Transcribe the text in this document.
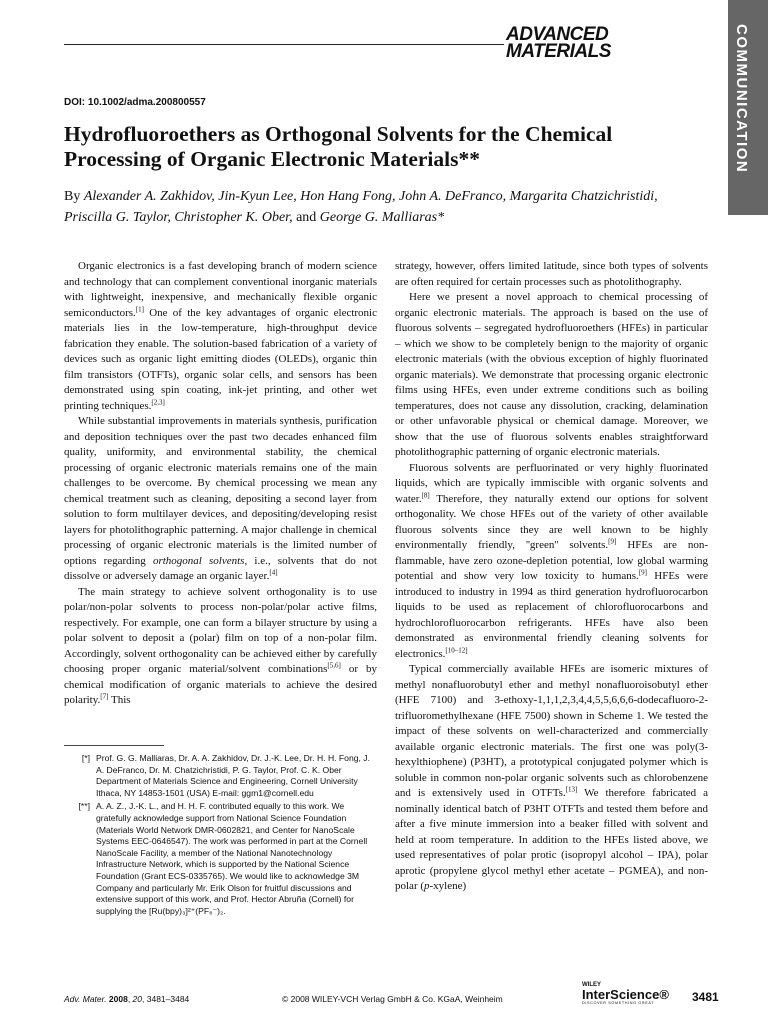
ADVANCED
MATERIALS	COMMUNICATION
DOI: 10.1002/adma.200800557
Hydrofluoroethers as Orthogonal Solvents for the Chemical Processing of Organic Electronic Materials**
By Alexander A. Zakhidov, Jin-Kyun Lee, Hon Hang Fong, John A. DeFranco, Margarita Chatzichristidi, Priscilla G. Taylor, Christopher K. Ober, and George G. Malliaras*

Organic electronics is a fast developing branch of modern science and technology that can complement conventional inorganic materials with lightweight, inexpensive, and mechanically flexible organic semiconductors.[1] One of the key advantages of organic electronic materials lies in the low-temperature, high-throughput device fabrication they enable. The solution-based fabrication of a variety of devices such as organic light emitting diodes (OLEDs), organic thin film transistors (OTFTs), organic solar cells, and sensors has been demonstrated using spin coating, ink-jet printing, and other wet printing techniques.[2,3]

While substantial improvements in materials synthesis, purification and deposition techniques over the past two decades enhanced film quality, uniformity, and environmental stability, the chemical processing of organic electronic materials remains one of the main challenges to be overcome. By chemical processing we mean any chemical treatment such as cleaning, depositing a second layer from solution to form multilayer devices, and depositing/developing resist layers for photolithographic patterning. A major challenge in chemical processing of organic electronic materials is the limited number of options regarding orthogonal solvents, i.e., solvents that do not dissolve or adversely damage an organic layer.[4]

The main strategy to achieve solvent orthogonality is to use polar/non-polar solvents to process non-polar/polar active films, respectively. For example, one can form a bilayer structure by using a polar solvent to deposit a (polar) film on top of a non-polar film. Accordingly, solvent orthogonality can be achieved either by carefully choosing proper organic material/solvent combinations[5,6] or by chemical modification of organic materials to achieve the desired polarity.[7] This

strategy, however, offers limited latitude, since both types of solvents are often required for certain processes such as photolithography.

Here we present a novel approach to chemical processing of organic electronic materials. The approach is based on the use of fluorous solvents – segregated hydrofluoroethers (HFEs) in particular – which we show to be completely benign to the majority of organic electronic materials (with the obvious exception of highly fluorinated organic materials). We demonstrate that processing organic electronic films using HFEs, even under extreme conditions such as boiling temperatures, does not cause any dissolution, cracking, delamination or other unfavorable physical or chemical damage. Moreover, we show that the use of fluorous solvents enables straightforward photolithographic patterning of organic electronic materials.

Fluorous solvents are perfluorinated or very highly fluorinated liquids, which are typically immiscible with organic solvents and water.[8] Therefore, they naturally extend our options for solvent orthogonality. We chose HFEs out of the variety of other available fluorous solvents since they are well known to be highly environmentally friendly, ''green'' solvents.[9] HFEs are non-flammable, have zero ozone-depletion potential, low global warming potential and show very low toxicity to humans.[9] HFEs were introduced to industry in 1994 as third generation hydrofluorocarbon liquids to be used as replacement of chlorofluorocarbons and hydrochlorofluorocarbon refrigerants. HFEs have also been demonstrated as environmental friendly cleaning solvents for electronics.[10–12]

Typical commercially available HFEs are isomeric mixtures of methyl nonafluorobutyl ether and methyl nonafluoroisobutyl ether (HFE 7100) and 3-ethoxy-1,1,1,2,3,4,4,5,5,6,6,6-dodecafluoro-2-trifluoromethylhexane (HFE 7500) shown in Scheme 1. We tested the impact of these solvents on well-characterized and commercially available organic electronic materials. The first one was poly(3-hexylthiophene) (P3HT), a prototypical conjugated polymer which is soluble in common non-polar organic solvents such as chlorobenzene and is extensively used in OTFTs.[13] We therefore fabricated a nominally identical batch of P3HT OTFTs and tested them before and after a five minute immersion into a beaker filled with solvent and held at room temperature. In addition to the HFEs listed above, we used representatives of polar protic (isopropyl alcohol – IPA), polar aprotic (propylene glycol methyl ether acetate – PGMEA), and non-polar (p-xylene)

[*] Prof. G. G. Malliaras, Dr. A. A. Zakhidov, Dr. J.-K. Lee, Dr. H. H. Fong, J. A. DeFranco, Dr. M. Chatzichristidi, P. G. Taylor, Prof. C. K. Ober Department of Materials Science and Engineering, Cornell University Ithaca, NY 14853-1501 (USA) E-mail: ggm1@cornell.edu
[**] A. A. Z., J.-K. L., and H. H. F. contributed equally to this work. We gratefully acknowledge support from National Science Foundation (Materials World Network DMR-0602821, and Center for NanoScale Systems EEC-0646547). The work was performed in part at the Cornell NanoScale Facility, a member of the National Nanotechnology Infrastructure Network, which is supported by the National Science Foundation (Grant ECS-0335765). We would like to acknowledge 3M Company and particularly Mr. Erik Olson for fruitful discussions and extensive support of this work, and Prof. Hector Abruña (Cornell) for supplying the [Ru(bpy)₃]²⁺(PF₆⁻)₂.
Adv. Mater. 2008, 20, 3481–3484	© 2008 WILEY-VCH Verlag GmbH & Co. KGaA, Weinheim
WILEY
InterScience®
DISCOVER SOMETHING GREAT	3481
